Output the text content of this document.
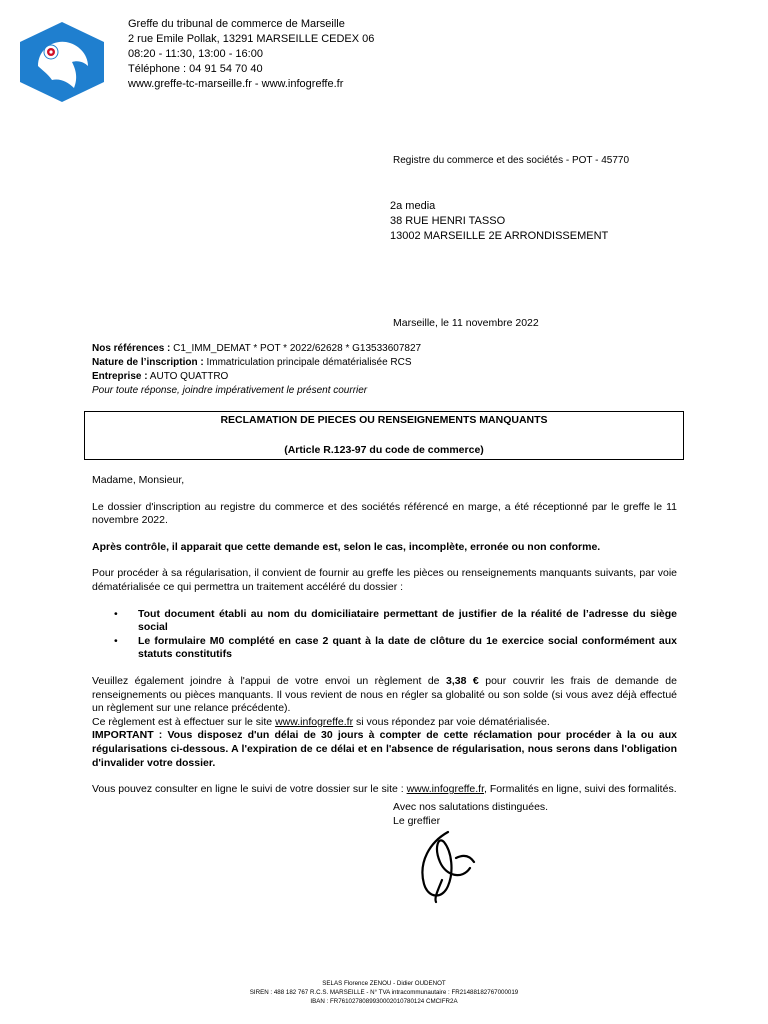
Greffe du tribunal de commerce de Marseille
2 rue Emile Pollak, 13291 MARSEILLE CEDEX 06
08:20 - 11:30, 13:00 - 16:00
Téléphone : 04 91 54 70 40
www.greffe-tc-marseille.fr - www.infogreffe.fr
Registre du commerce et des sociétés - POT - 45770
2a media
38 RUE HENRI TASSO
13002 MARSEILLE 2E ARRONDISSEMENT
Marseille, le 11 novembre 2022
Nos références : C1_IMM_DEMAT * POT * 2022/62628 * G13533607827
Nature de l’inscription : Immatriculation principale dématérialisée RCS
Entreprise : AUTO QUATTRO
Pour toute réponse, joindre impérativement le présent courrier
RECLAMATION DE PIECES OU RENSEIGNEMENTS MANQUANTS
(Article R.123-97 du code de commerce)

Madame, Monsieur,

Le dossier d'inscription au registre du commerce et des sociétés référencé en marge, a été réceptionné par le greffe le 11 novembre 2022.

Après contrôle, il apparait que cette demande est, selon le cas, incomplète, erronée ou non conforme.

Pour procéder à sa régularisation, il convient de fournir au greffe les pièces ou renseignements manquants suivants, par voie dématérialisée ce qui permettra un traitement accéléré du dossier :

• Tout document établi au nom du domiciliataire permettant de justifier de la réalité de l’adresse du siège social
• Le formulaire M0 complété en case 2 quant à la date de clôture du 1e exercice social conformément aux statuts constitutifs

Veuillez également joindre à l'appui de votre envoi un règlement de 3,38 € pour couvrir les frais de demande de renseignements ou pièces manquants. Il vous revient de nous en régler sa globalité ou son solde (si vous avez déjà effectué un règlement sur une relance précédente).

Ce règlement est à effectuer sur le site www.infogreffe.fr si vous répondez par voie dématérialisée.

IMPORTANT : Vous disposez d'un délai de 30 jours à compter de cette réclamation pour procéder à la ou aux régularisations ci-dessous. A l'expiration de ce délai et en l'absence de régularisation, nous serons dans l'obligation d'invalider votre dossier.

Vous pouvez consulter en ligne le suivi de votre dossier sur le site : www.infogreffe.fr, Formalités en ligne, suivi des formalités.

Avec nos salutations distinguées.
Le greffier
SELAS Florence ZENOU - Didier OUDENOT
SIREN : 488 182 767 R.C.S. MARSEILLE - N° TVA intracommunautaire : FR21488182767000019
IBAN : FR7610278089930002010780124 CMCIFR2A
